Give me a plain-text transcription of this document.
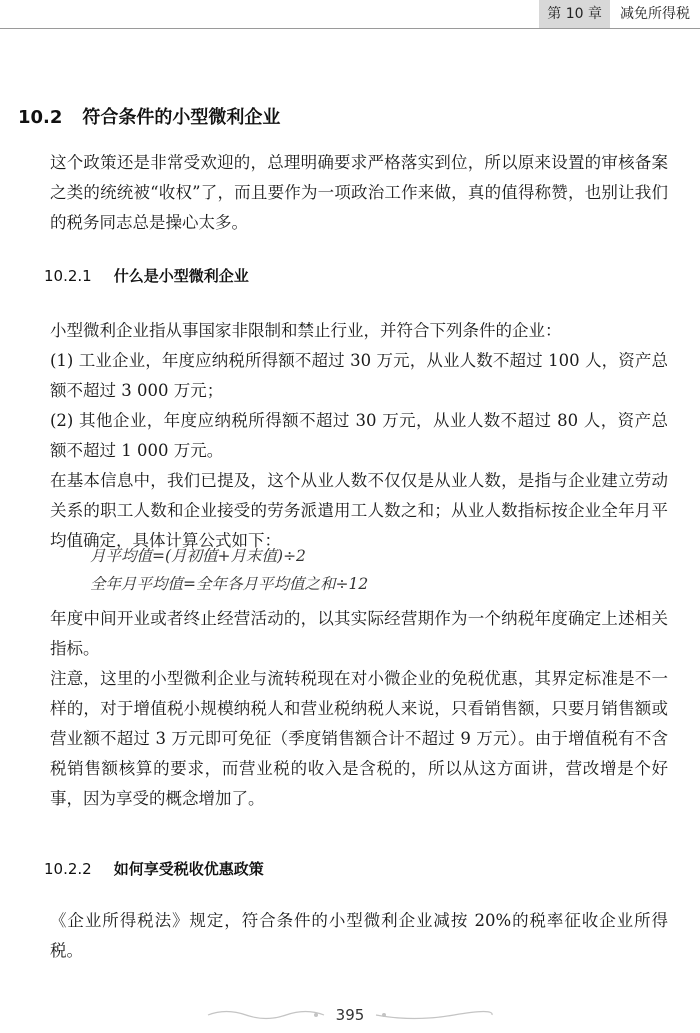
第 10 章	减免所得税
10.2 符合条件的小型微利企业
这个政策还是非常受欢迎的，总理明确要求严格落实到位，所以原来设置的审核备案之类的统统被“收权”了，而且要作为一项政治工作来做，真的值得称赞，也别让我们的税务同志总是操心太多。
10.2.1 什么是小型微利企业
小型微利企业指从事国家非限制和禁止行业，并符合下列条件的企业：
(1) 工业企业，年度应纳税所得额不超过 30 万元，从业人数不超过 100 人，资产总额不超过 3 000 万元；
(2) 其他企业，年度应纳税所得额不超过 30 万元，从业人数不超过 80 人，资产总额不超过 1 000 万元。
在基本信息中，我们已提及，这个从业人数不仅仅是从业人数，是指与企业建立劳动关系的职工人数和企业接受的劳务派遣用工人数之和；从业人数指标按企业全年月平均值确定，具体计算公式如下：
月平均值=(月初值+月末值)÷2
全年月平均值=全年各月平均值之和÷12
年度中间开业或者终止经营活动的，以其实际经营期作为一个纳税年度确定上述相关指标。
注意，这里的小型微利企业与流转税现在对小微企业的免税优惠，其界定标准是不一样的，对于增值税小规模纳税人和营业税纳税人来说，只看销售额，只要月销售额或营业额不超过 3 万元即可免征（季度销售额合计不超过 9 万元）。由于增值税有不含税销售额核算的要求，而营业税的收入是含税的，所以从这方面讲，营改增是个好事，因为享受的概念增加了。
10.2.2 如何享受税收优惠政策
《企业所得税法》规定，符合条件的小型微利企业减按 20%的税率征收企业所得税。
395
